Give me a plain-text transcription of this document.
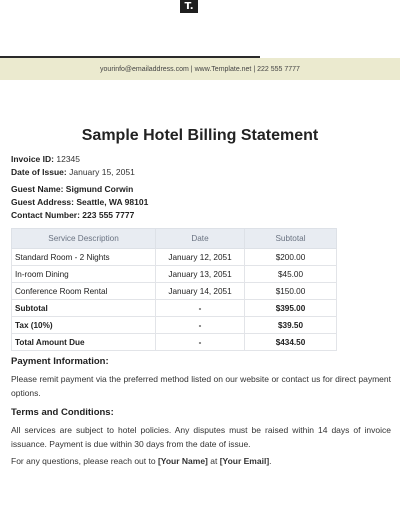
T.
yourinfo@emailaddress.com | www.Template.net | 222 555 7777
Sample Hotel Billing Statement
Invoice ID: 12345
Date of Issue: January 15, 2051
Guest Name: Sigmund Corwin
Guest Address: Seattle, WA 98101
Contact Number: 223 555 7777
Service Description	Date	Subtotal
Standard Room - 2 Nights	January 12, 2051	$200.00
In-room Dining	January 13, 2051	$45.00
Conference Room Rental	January 14, 2051	$150.00
Subtotal	-	$395.00
Tax (10%)	-	$39.50
Total Amount Due	-	$434.50
Payment Information:
Please remit payment via the preferred method listed on our website or contact us for direct payment options.
Terms and Conditions:
All services are subject to hotel policies. Any disputes must be raised within 14 days of invoice issuance. Payment is due within 30 days from the date of issue.
For any questions, please reach out to [Your Name] at [Your Email].
